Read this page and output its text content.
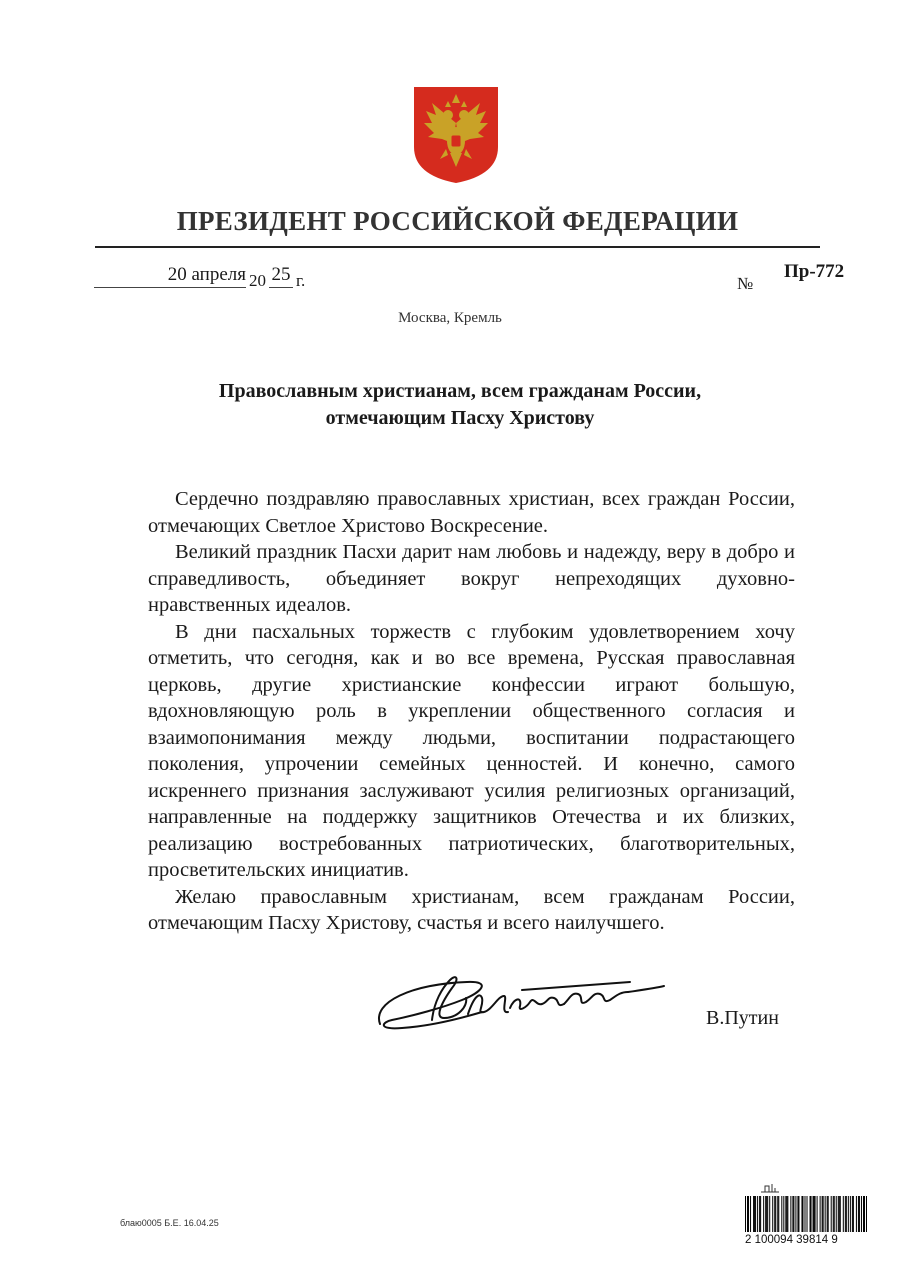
ПРЕЗИДЕНТ РОССИЙСКОЙ ФЕДЕРАЦИИ
20 апреля 20 25 г.	№
Пр-772
Москва, Кремль
Православным христианам, всем гражданам России,
отмечающим Пасху Христову

Сердечно поздравляю православных христиан, всех граждан России, отмечающих Светлое Христово Воскресение.

Великий праздник Пасхи дарит нам любовь и надежду, веру в добро и справедливость, объединяет вокруг непреходящих духовно-нравственных идеалов.

В дни пасхальных торжеств с глубоким удовлетворением хочу отметить, что сегодня, как и во все времена, Русская православная церковь, другие христианские конфессии играют большую, вдохновляющую роль в укреплении общественного согласия и взаимопонимания между людьми, воспитании подрастающего поколения, упрочении семейных ценностей. И конечно, самого искреннего признания заслуживают усилия религиозных организаций, направленные на поддержку защитников Отечества и их близких, реализацию востребованных патриотических, благотворительных, просветительских инициатив.

Желаю православным христианам, всем гражданам России, отмечающим Пасху Христову, счастья и всего наилучшего.

В.Путин
блаю0005 Б.Е. 16.04.25
2 100094 39814 9
